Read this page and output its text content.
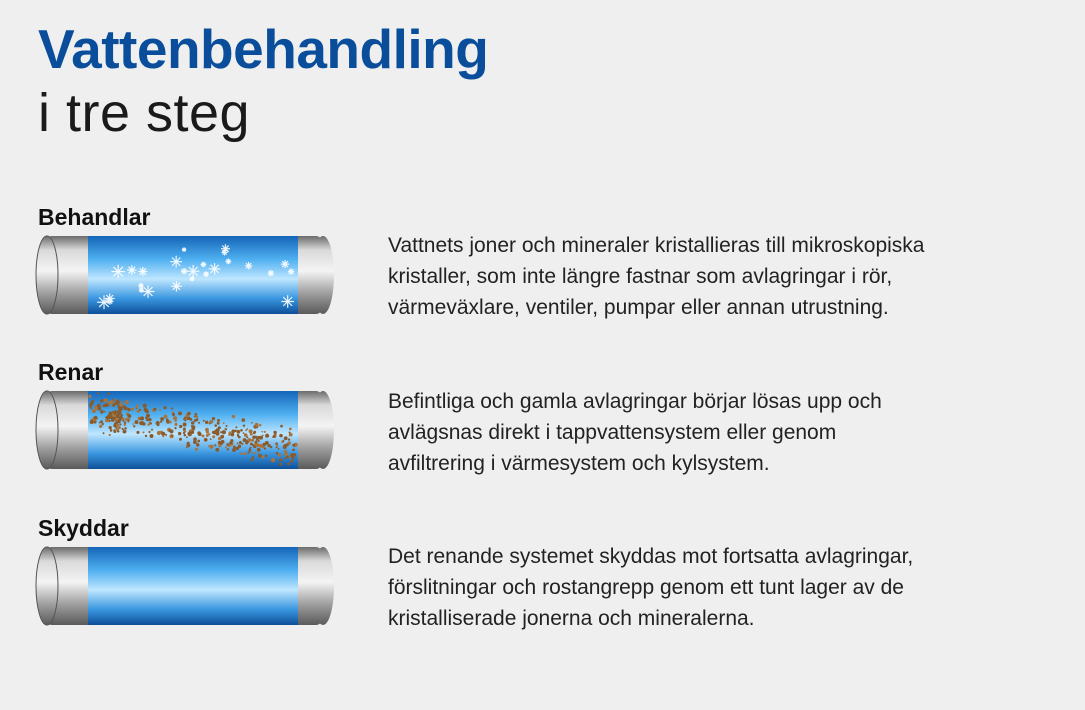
Vattenbehandling
i tre steg
Behandlar
Vattnets joner och mineraler kristallieras till mikroskopiska
kristaller, som inte längre fastnar som avlagringar i rör,
värmeväxlare, ventiler, pumpar eller annan utrustning.
Renar
Befintliga och gamla avlagringar börjar lösas upp och
avlägsnas direkt i tappvattensystem eller genom
avfiltrering i värmesystem och kylsystem.
Skyddar
Det renande systemet skyddas mot fortsatta avlagringar,
förslitningar och rostangrepp genom ett tunt lager av de
kristalliserade jonerna och mineralerna.
